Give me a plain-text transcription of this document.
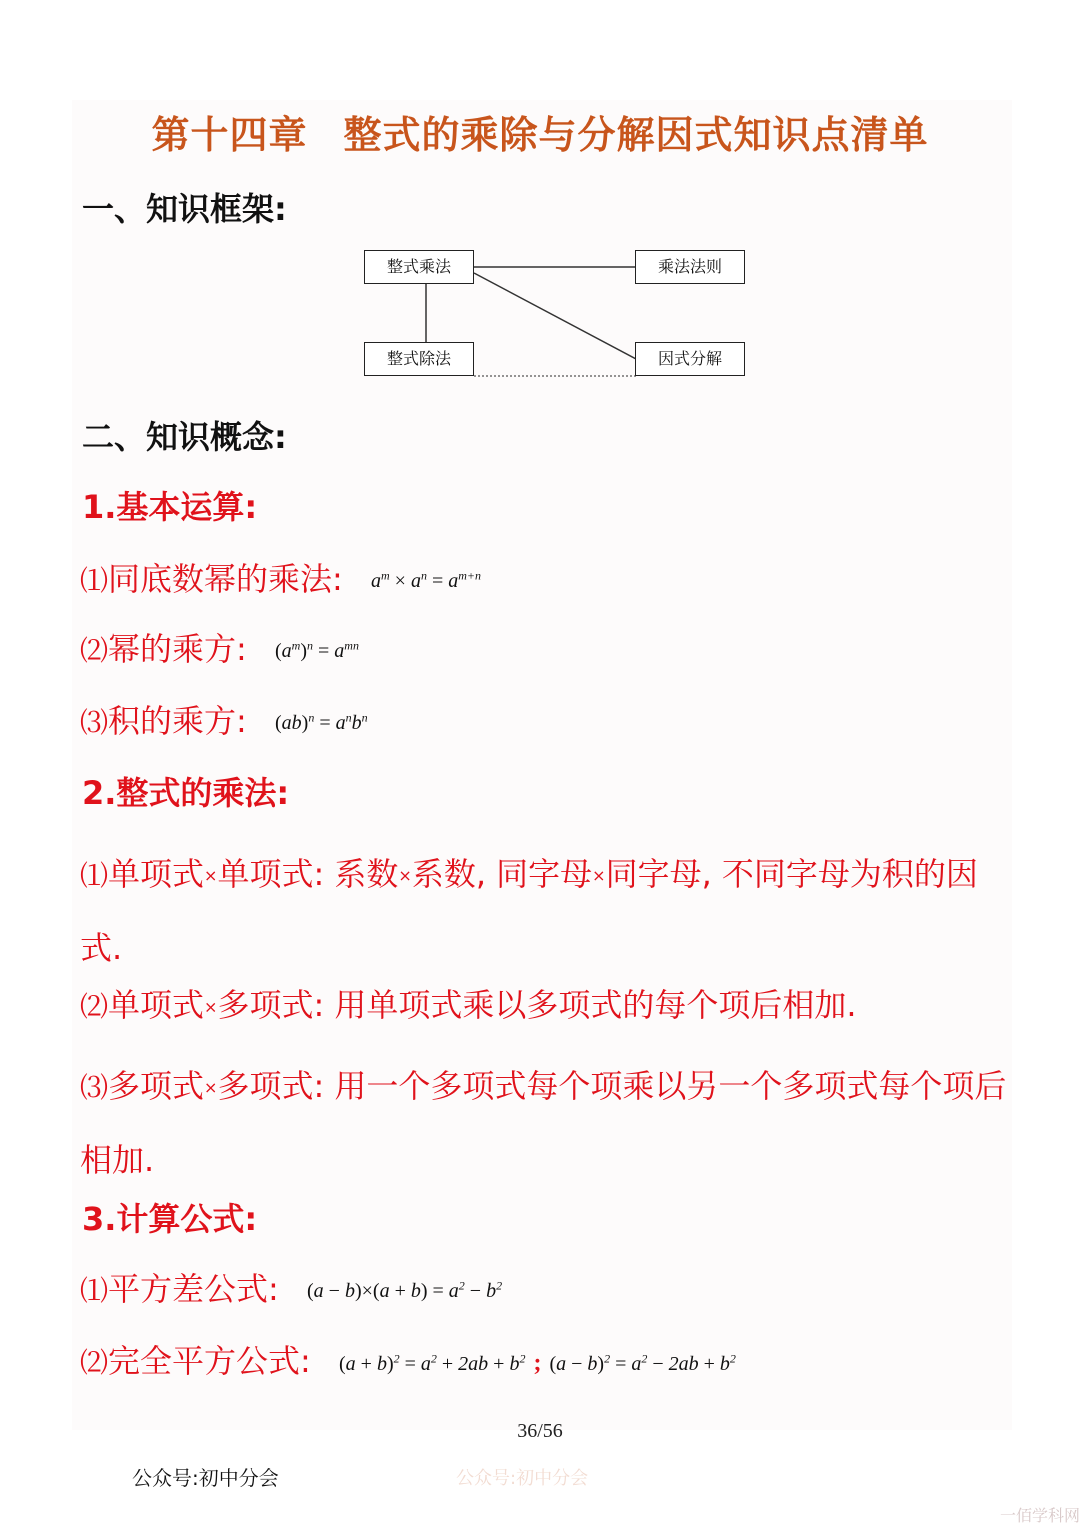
第十四章 整式的乘除与分解因式知识点清单
一、知识框架:
整式乘法	乘法法则
整式除法	因式分解
二、知识概念:
1.基本运算:

⑴同底数幂的乘法: $a^m \times a^n = a^{m+n}$

⑵幂的乘方: $(a^m)^n = a^{mn}$

⑶积的乘方: $(ab)^n = a^nb^n$

2.整式的乘法:

⑴单项式×单项式: 系数×系数, 同字母×同字母, 不同字母为积的因式.

⑵单项式×多项式: 用单项式乘以多项式的每个项后相加.

⑶多项式×多项式: 用一个多项式每个项乘以另一个多项式每个项后相加.

3.计算公式:

⑴平方差公式: $(a - b)\times(a + b) = a^2 - b^2$

⑵完全平方公式: $(a + b)^2 = a^2 + 2ab + b^2$ ; $(a - b)^2 = a^2 - 2ab + b^2$

36/56
公众号:初中分会	公众号:初中分会
一佰学科网
